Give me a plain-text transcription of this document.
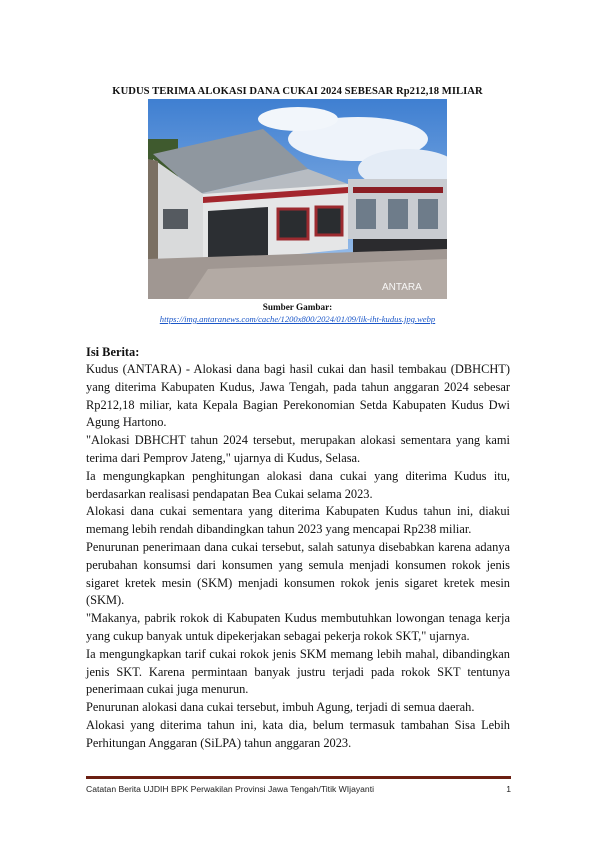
KUDUS TERIMA ALOKASI DANA CUKAI 2024 SEBESAR Rp212,18 MILIAR
ANTARA
Sumber Gambar:
https://img.antaranews.com/cache/1200x800/2024/01/09/lik-iht-kudus.jpg.webp
Isi Berita:

Kudus (ANTARA) - Alokasi dana bagi hasil cukai dan hasil tembakau (DBHCHT) yang diterima Kabupaten Kudus, Jawa Tengah, pada tahun anggaran 2024 sebesar Rp212,18 miliar, kata Kepala Bagian Perekonomian Setda Kabupaten Kudus Dwi Agung Hartono.

"Alokasi DBHCHT tahun 2024 tersebut, merupakan alokasi sementara yang kami terima dari Pemprov Jateng," ujarnya di Kudus, Selasa.

Ia mengungkapkan penghitungan alokasi dana cukai yang diterima Kudus itu, berdasarkan realisasi pendapatan Bea Cukai selama 2023.

Alokasi dana cukai sementara yang diterima Kabupaten Kudus tahun ini, diakui memang lebih rendah dibandingkan tahun 2023 yang mencapai Rp238 miliar.

Penurunan penerimaan dana cukai tersebut, salah satunya disebabkan karena adanya perubahan konsumsi dari konsumen yang semula menjadi konsumen rokok jenis sigaret kretek mesin (SKM) menjadi konsumen rokok jenis sigaret kretek mesin (SKM).

"Makanya, pabrik rokok di Kabupaten Kudus membutuhkan lowongan tenaga kerja yang cukup banyak untuk dipekerjakan sebagai pekerja rokok SKT," ujarnya.

Ia mengungkapkan tarif cukai rokok jenis SKM memang lebih mahal, dibandingkan jenis SKT. Karena permintaan banyak justru terjadi pada rokok SKT tentunya penerimaan cukai juga menurun.

Penurunan alokasi dana cukai tersebut, imbuh Agung, terjadi di semua daerah.

Alokasi yang diterima tahun ini, kata dia, belum termasuk tambahan Sisa Lebih Perhitungan Anggaran (SiLPA) tahun anggaran 2023.

Catatan Berita UJDIH BPK Perwakilan Provinsi Jawa Tengah/Titik WIjayanti	1
